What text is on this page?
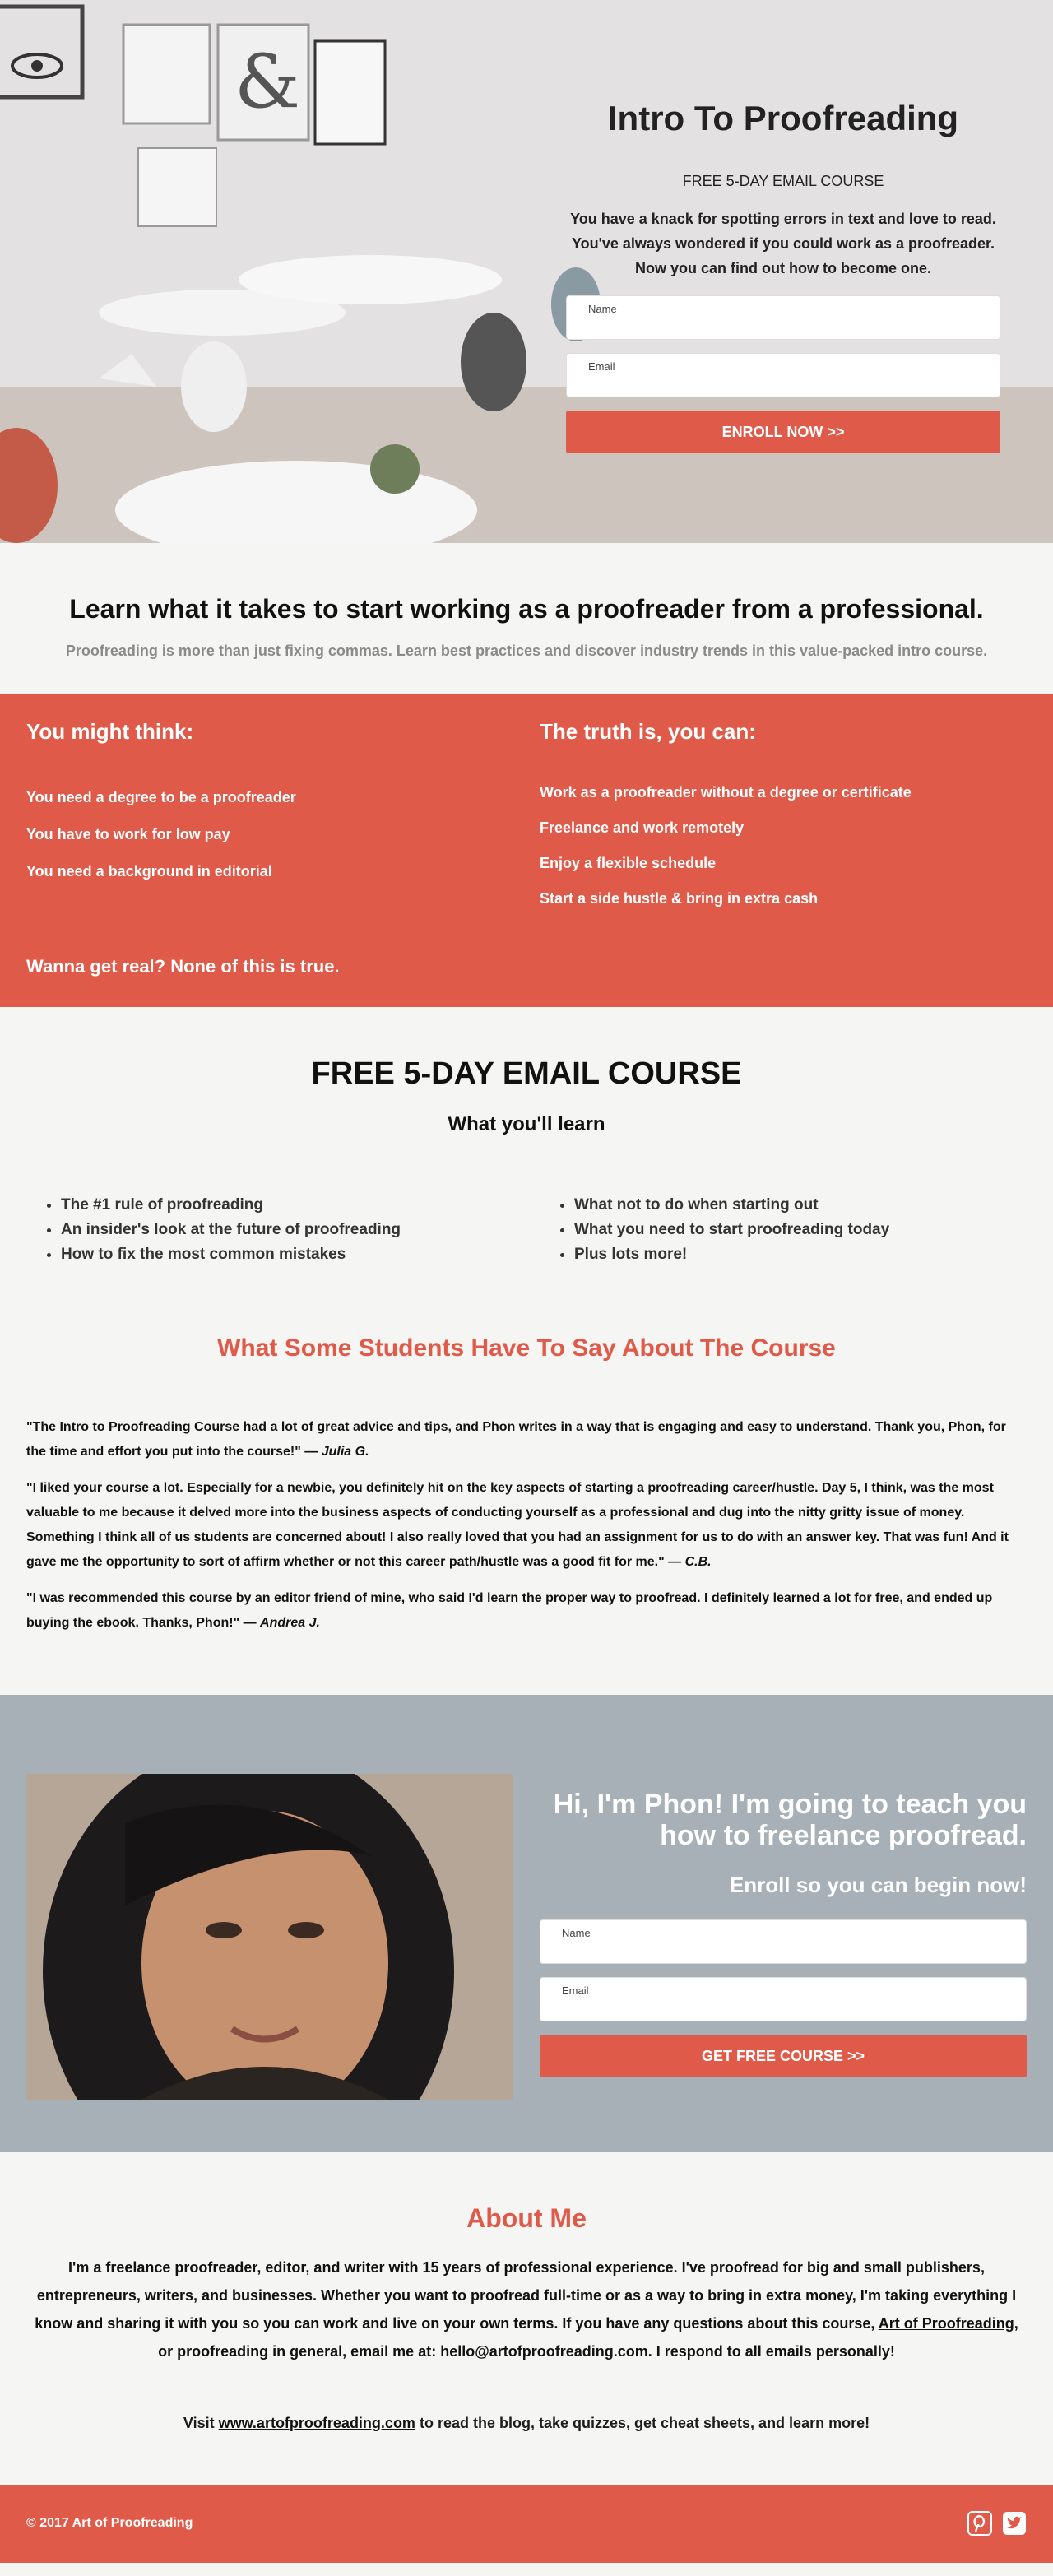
&	Intro To Proofreading
FREE 5-DAY EMAIL COURSE

You have a knack for spotting errors in text and love to read. You've always wondered if you could work as a proofreader. Now you can find out how to become one.

Name
Email
ENROLL NOW >>
Learn what it takes to start working as a proofreader from a professional.

Proofreading is more than just fixing commas. Learn best practices and discover industry trends in this value-packed intro course.

You might think:
You need a degree to be a proofreader
You have to work for low pay
You need a background in editorial
The truth is, you can:
Work as a proofreader without a degree or certificate
Freelance and work remotely
Enjoy a flexible schedule
Start a side hustle & bring in extra cash
Wanna get real? None of this is true.
FREE 5-DAY EMAIL COURSE
What you'll learn
• The #1 rule of proofreading
• An insider's look at the future of proofreading
• How to fix the most common mistakes
• What not to do when starting out
• What you need to start proofreading today
• Plus lots more!
What Some Students Have To Say About The Course

"The Intro to Proofreading Course had a lot of great advice and tips, and Phon writes in a way that is engaging and easy to understand. Thank you, Phon, for the time and effort you put into the course!" — Julia G.

"I liked your course a lot. Especially for a newbie, you definitely hit on the key aspects of starting a proofreading career/hustle. Day 5, I think, was the most valuable to me because it delved more into the business aspects of conducting yourself as a professional and dug into the nitty gritty issue of money. Something I think all of us students are concerned about! I also really loved that you had an assignment for us to do with an answer key. That was fun! And it gave me the opportunity to sort of affirm whether or not this career path/hustle was a good fit for me." — C.B.

"I was recommended this course by an editor friend of mine, who said I'd learn the proper way to proofread. I definitely learned a lot for free, and ended up buying the ebook. Thanks, Phon!" — Andrea J.

Hi, I'm Phon! I'm going to teach you how to freelance proofread.
Enroll so you can begin now!
Name
Email
GET FREE COURSE >>
About Me

I'm a freelance proofreader, editor, and writer with 15 years of professional experience. I've proofread for big and small publishers, entrepreneurs, writers, and businesses. Whether you want to proofread full-time or as a way to bring in extra money, I'm taking everything I know and sharing it with you so you can work and live on your own terms. If you have any questions about this course, Art of Proofreading, or proofreading in general, email me at: hello@artofproofreading.com. I respond to all emails personally!

Visit www.artofproofreading.com to read the blog, take quizzes, get cheat sheets, and learn more!
© 2017 Art of Proofreading
